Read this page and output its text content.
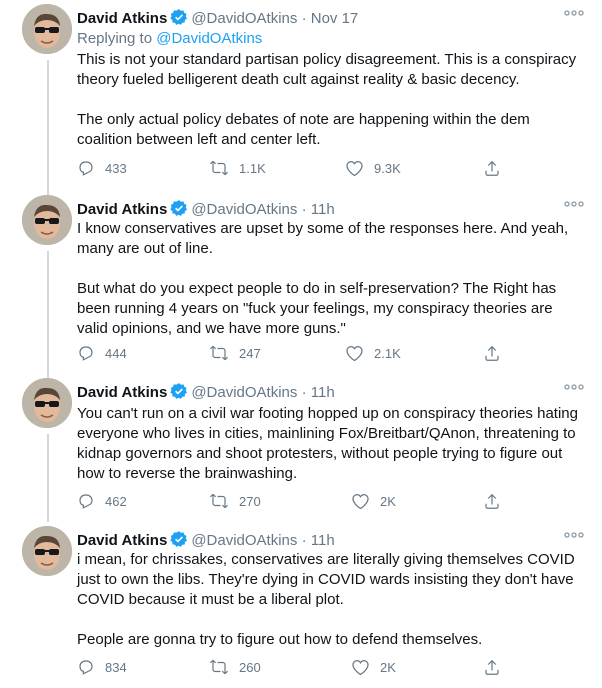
David Atkins @DavidOAtkins · Nov 17
Replying to @DavidOAtkins

This is not your standard partisan policy disagreement. This is a conspiracy theory fueled belligerent death cult against reality & basic decency.

The only actual policy debates of note are happening within the dem coalition between left and center left.

433	1.1K	9.3K
David Atkins @DavidOAtkins · 11h

I know conservatives are upset by some of the responses here. And yeah, many are out of line.

But what do you expect people to do in self-preservation? The Right has been running 4 years on "fuck your feelings, my conspiracy theories are valid opinions, and we have more guns."

444	247	2.1K
David Atkins @DavidOAtkins · 11h

You can't run on a civil war footing hopped up on conspiracy theories hating everyone who lives in cities, mainlining Fox/Breitbart/QAnon, threatening to kidnap governors and shoot protesters, without people trying to figure out how to reverse the brainwashing.

462	270	2K
David Atkins @DavidOAtkins · 11h

i mean, for chrissakes, conservatives are literally giving themselves COVID just to own the libs. They're dying in COVID wards insisting they don't have COVID because it must be a liberal plot.

People are gonna try to figure out how to defend themselves.

834	260	2K
